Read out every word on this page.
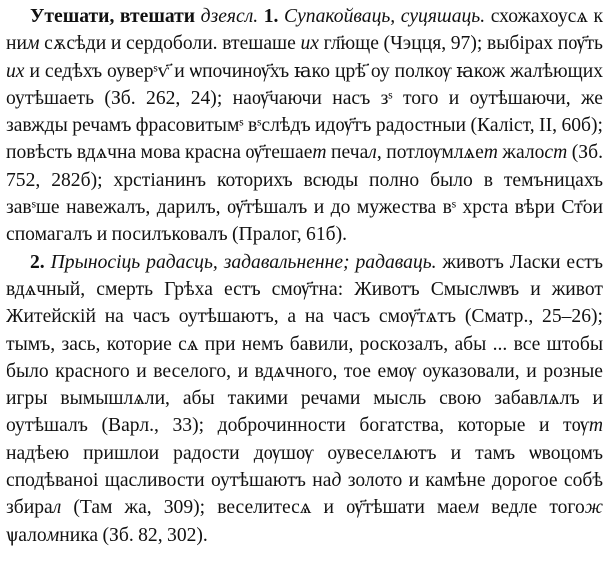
Утешати, втешати дзеясл. 1. Супакойваць, суцяшаць. схожахоусѧ к ним сѫсѣди и сердоболи. втешаше их гл҃юще (Чэцця, 97); выбірах пѹ҃ть их и седѣхъ оуверˢѵ҃ и ѡпочинѹ҃хъ ꙗко црѣ҃ оу полкѹ ꙗкож жалѣющих оутѣшаеть (Зб. 262, 24); наѹ҃чаючи насъ зˢ того и оутѣшаючи, же завжды речамъ фрасовитымˢ вˢслѣдъ идѹ҃тъ радостныи (Каліст, ІІ, 60б); повѣсть вдѧчна мова красна ѹ҃тешает печал, потлѹмлѧет жалост (Зб. 752, 282б); хрстіанинъ которихъ всюды полно было в темъницахъ завˢше навежалъ, дарилъ, ѹ҃тѣшалъ и до мужества вˢ хрста вѣри Ст҃ои спомагалъ и посилъковалъ (Пралог, 61б).

2. Прыносіць радасць, задавальненне; радаваць. животъ Ласки естъ вдѧчный, смерть Грѣха естъ смѹ҃тна: Животъ Смыслѡвъ и живот Житейскій на часъ оутѣшаютъ, а на часъ смѹ҃тѧтъ (Сматр., 25–26); тымъ, зась, которие сѧ при немъ бавили, роскозалъ, абы ... все штобы было красного и веселого, и вдѧчного, тое емѹ оуказовали, и розные игры вымышлѧли, абы такими речами мысль свою забавлѧлъ и оутѣшалъ (Варл., 33); доброчинности богатства, которые и тѹт надѣею пришлои радости дѹшѹ оувеселѧютъ и тамъ ѡвоцомъ сподѣваноi щасливости оутѣшаютъ над золото и камѣне дорогое собѣ збирал (Там жа, 309); веселитесѧ и ѹ҃тѣшати маем ведле тогож ѱаломника (Зб. 82, 302).
